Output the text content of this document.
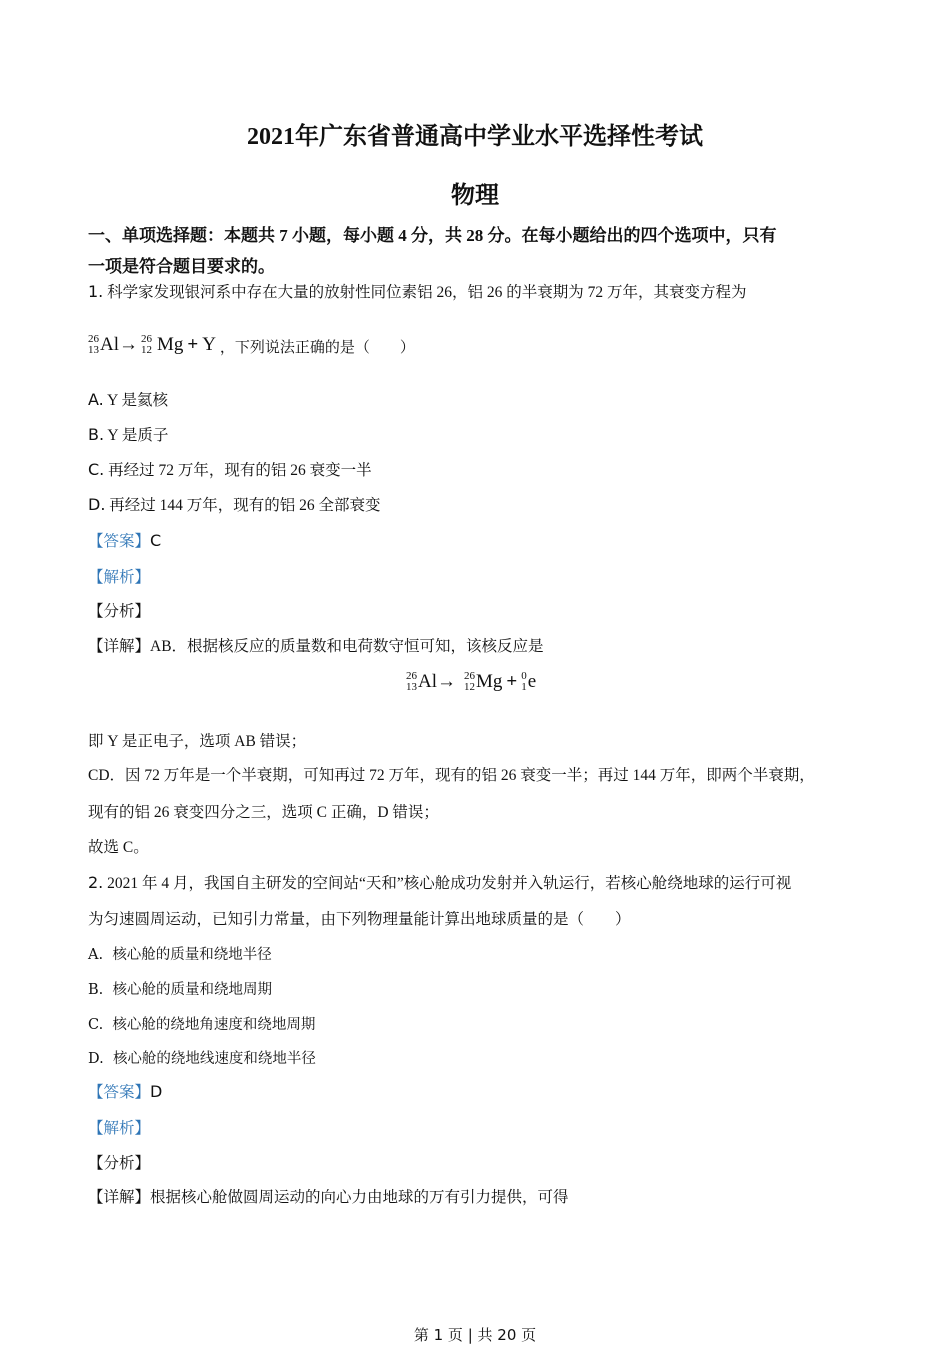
2021年广东省普通高中学业水平选择性考试
物理
一、单项选择题：本题共 7 小题，每小题 4 分，共 28 分。在每小题给出的四个选项中，只有
一项是符合题目要求的。
1. 科学家发现银河系中存在大量的放射性同位素铝 26，铝 26 的半衰期为 72 万年，其衰变方程为
26
13 Al → 26
12 Mg + Y ，下列说法正确的是（　　）
A. Y 是氦核
B. Y 是质子
C. 再经过 72 万年，现有的铝 26 衰变一半
D. 再经过 144 万年，现有的铝 26 全部衰变
【答案】C
【解析】
【分析】
【详解】AB．根据核反应的质量数和电荷数守恒可知，该核反应是
26
13 Al → 26
12 Mg + 0
1 e
即 Y 是正电子，选项 AB 错误；
CD．因 72 万年是一个半衰期，可知再过 72 万年，现有的铝 26 衰变一半；再过 144 万年，即两个半衰期，
现有的铝 26 衰变四分之三，选项 C 正确，D 错误；
故选 C。
2. 2021 年 4 月，我国自主研发的空间站“天和”核心舱成功发射并入轨运行，若核心舱绕地球的运行可视
为匀速圆周运动，已知引力常量，由下列物理量能计算出地球质量的是（　　）
A. 核心舱的质量和绕地半径
B. 核心舱的质量和绕地周期
C. 核心舱的绕地角速度和绕地周期
D. 核心舱的绕地线速度和绕地半径
【答案】D
【解析】
【分析】
【详解】根据核心舱做圆周运动的向心力由地球的万有引力提供，可得
第 1 页 | 共 20 页
